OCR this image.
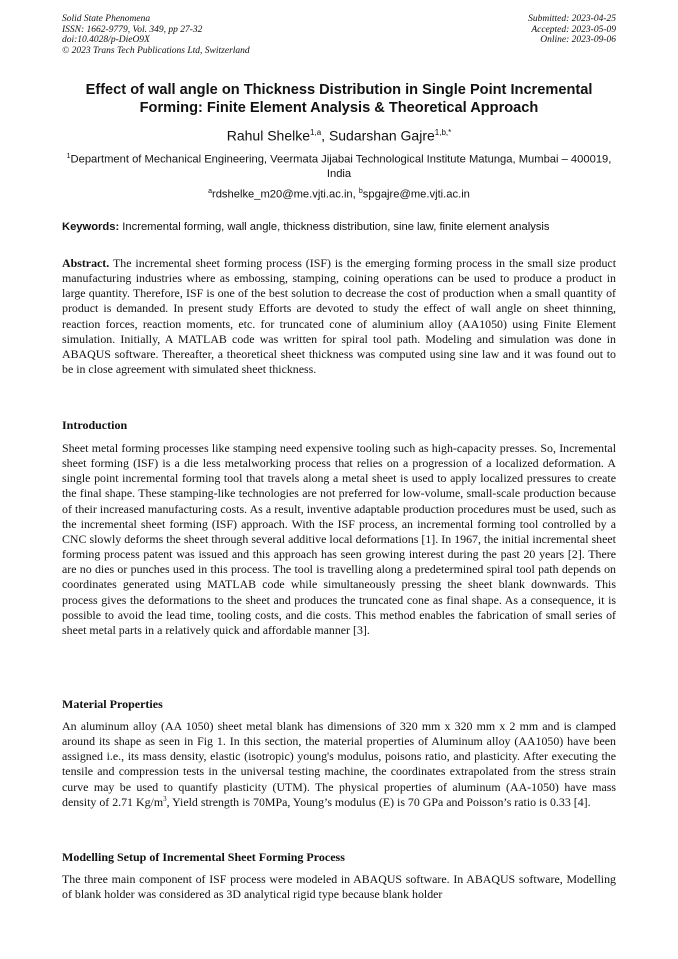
Solid State Phenomena
ISSN: 1662-9779, Vol. 349, pp 27-32
doi:10.4028/p-DieO9X
© 2023 Trans Tech Publications Ltd, Switzerland
Submitted: 2023-04-25
Accepted: 2023-05-09
Online: 2023-09-06
Effect of wall angle on Thickness Distribution in Single Point Incremental
Forming: Finite Element Analysis & Theoretical Approach
Rahul Shelke$^{1,a}$, Sudarshan Gajre$^{1,b,*}$
$^1$Department of Mechanical Engineering, Veermata Jijabai Technological Institute Matunga, Mumbai – 400019, India
$^a$rdshelke_m20@me.vjti.ac.in, $^b$spgajre@me.vjti.ac.in
Keywords: Incremental forming, wall angle, thickness distribution, sine law, finite element analysis

Abstract. The incremental sheet forming process (ISF) is the emerging forming process in the small size product manufacturing industries where as embossing, stamping, coining operations can be used to produce a product in large quantity. Therefore, ISF is one of the best solution to decrease the cost of production when a small quantity of product is demanded. In present study Efforts are devoted to study the effect of wall angle on sheet thinning, reaction forces, reaction moments, etc. for truncated cone of aluminium alloy (AA1050) using Finite Element simulation. Initially, A MATLAB code was written for spiral tool path. Modeling and simulation was done in ABAQUS software. Thereafter, a theoretical sheet thickness was computed using sine law and it was found out to be in close agreement with simulated sheet thickness.

Introduction

Sheet metal forming processes like stamping need expensive tooling such as high-capacity presses. So, Incremental sheet forming (ISF) is a die less metalworking process that relies on a progression of a localized deformation. A single point incremental forming tool that travels along a metal sheet is used to apply localized pressures to create the final shape. These stamping-like technologies are not preferred for low-volume, small-scale production because of their increased manufacturing costs. As a result, inventive adaptable production procedures must be used, such as the incremental sheet forming (ISF) approach. With the ISF process, an incremental forming tool controlled by a CNC slowly deforms the sheet through several additive local deformations [1]. In 1967, the initial incremental sheet forming process patent was issued and this approach has seen growing interest during the past 20 years [2]. There are no dies or punches used in this process. The tool is travelling along a predetermined spiral tool path depends on coordinates generated using MATLAB code while simultaneously pressing the sheet blank downwards. This process gives the deformations to the sheet and produces the truncated cone as final shape. As a consequence, it is possible to avoid the lead time, tooling costs, and die costs. This method enables the fabrication of small series of sheet metal parts in a relatively quick and affordable manner [3].

Material Properties

An aluminum alloy (AA 1050) sheet metal blank has dimensions of 320 mm x 320 mm x 2 mm and is clamped around its shape as seen in Fig 1. In this section, the material properties of Aluminum alloy (AA1050) have been assigned i.e., its mass density, elastic (isotropic) young's modulus, poisons ratio, and plasticity. After executing the tensile and compression tests in the universal testing machine, the coordinates extrapolated from the stress strain curve may be used to quantify plasticity (UTM). The physical properties of aluminum (AA-1050) have mass density of 2.71 $Kg/m^3$, Yield strength is 70MPa, Young’s modulus (E) is 70 GPa and Poisson’s ratio is 0.33 [4].

Modelling Setup of Incremental Sheet Forming Process

The three main component of ISF process were modeled in ABAQUS software. In ABAQUS software, Modelling of blank holder was considered as 3D analytical rigid type because blank holder
